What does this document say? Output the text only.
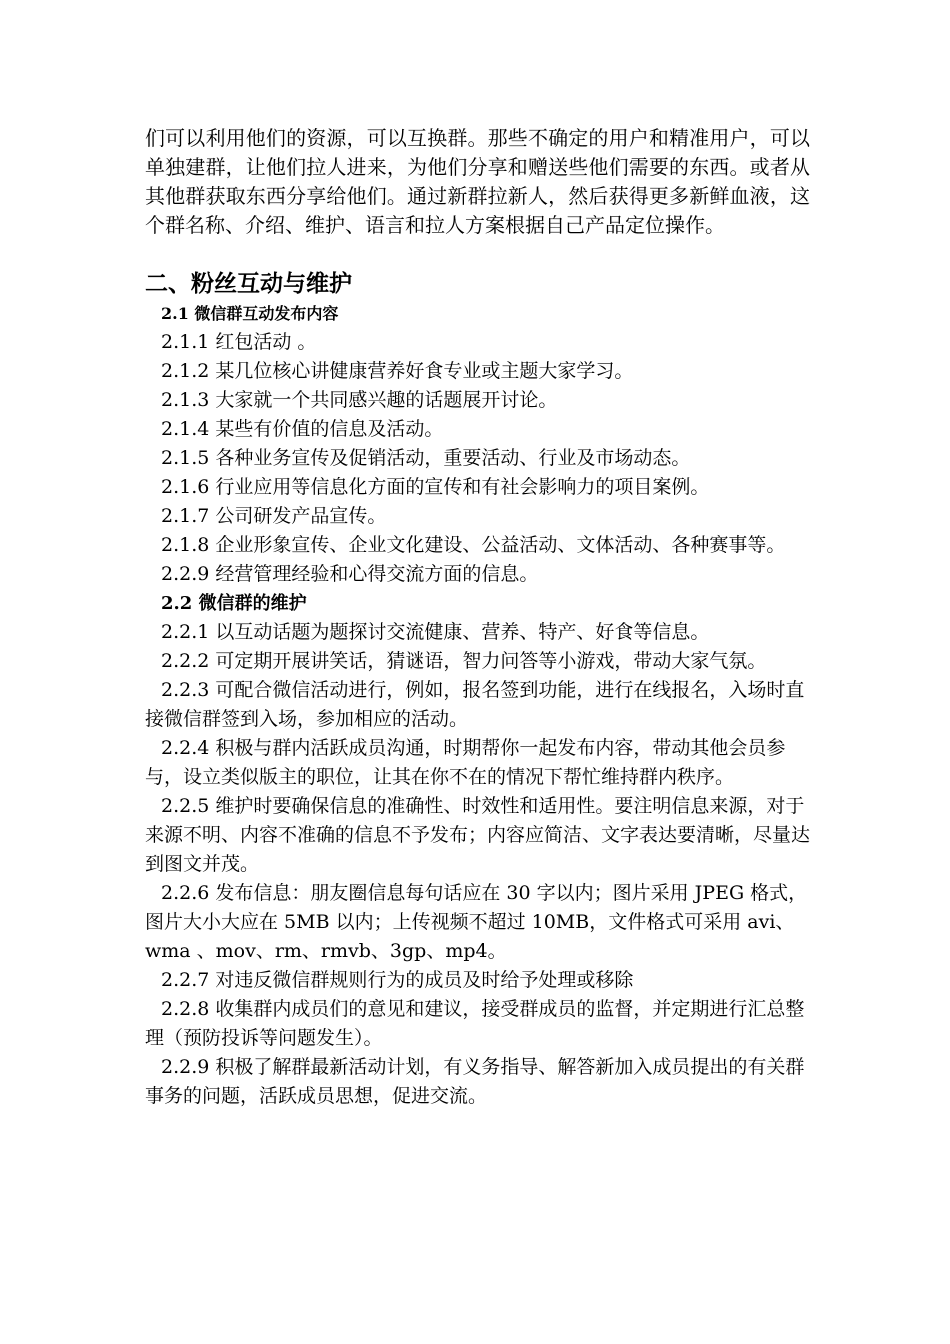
们可以利用他们的资源，可以互换群。那些不确定的用户和精准用户，可以单独建群，让他们拉人进来，为他们分享和赠送些他们需要的东西。或者从其他群获取东西分享给他们。通过新群拉新人，然后获得更多新鲜血液，这个群名称、介绍、维护、语言和拉人方案根据自己产品定位操作。

二、粉丝互动与维护
2.1 微信群互动发布内容

2.1.1 红包活动 。

2.1.2 某几位核心讲健康营养好食专业或主题大家学习。

2.1.3 大家就一个共同感兴趣的话题展开讨论。

2.1.4 某些有价值的信息及活动。

2.1.5 各种业务宣传及促销活动，重要活动、行业及市场动态。

2.1.6 行业应用等信息化方面的宣传和有社会影响力的项目案例。

2.1.7 公司研发产品宣传。

2.1.8 企业形象宣传、企业文化建设、公益活动、文体活动、各种赛事等。

2.2.9 经营管理经验和心得交流方面的信息。

2.2 微信群的维护

2.2.1 以互动话题为题探讨交流健康、营养、特产、好食等信息。

2.2.2 可定期开展讲笑话，猜谜语，智力问答等小游戏，带动大家气氛。

2.2.3 可配合微信活动进行，例如，报名签到功能，进行在线报名，入场时直接微信群签到入场，参加相应的活动。

2.2.4 积极与群内活跃成员沟通，时期帮你一起发布内容，带动其他会员参与，设立类似版主的职位，让其在你不在的情况下帮忙维持群内秩序。

2.2.5 维护时要确保信息的准确性、时效性和适用性。要注明信息来源，对于来源不明、内容不准确的信息不予发布；内容应简洁、文字表达要清晰，尽量达到图文并茂。

2.2.6 发布信息：朋友圈信息每句话应在 30 字以内；图片采用 JPEG 格式，图片大小大应在 5MB 以内；上传视频不超过 10MB，文件格式可采用 avi、wma 、mov、rm、rmvb、3gp、mp4。

2.2.7 对违反微信群规则行为的成员及时给予处理或移除

2.2.8 收集群内成员们的意见和建议，接受群成员的监督，并定期进行汇总整理（预防投诉等问题发生）。

2.2.9 积极了解群最新活动计划，有义务指导、解答新加入成员提出的有关群事务的问题，活跃成员思想，促进交流。
